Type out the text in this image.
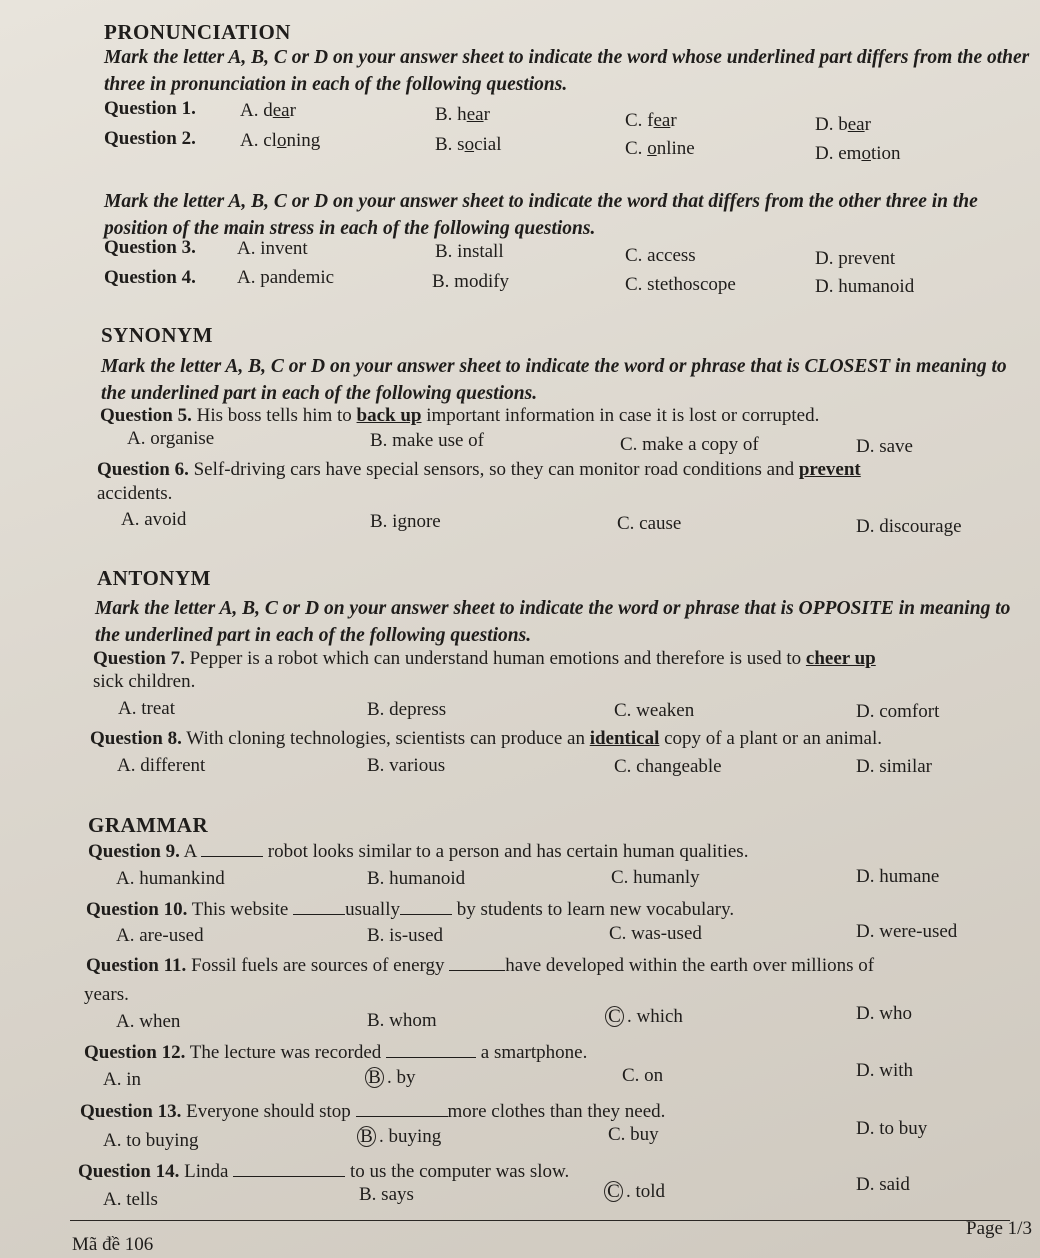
PRONUNCIATION
Mark the letter A, B, C or D on your answer sheet to indicate the word whose underlined part differs from the other three in pronunciation in each of the following questions.
Question 1. A. dear	B. hear	C. fear	D. bear
Question 2. A. cloning	B. social	C. online	D. emotion
Mark the letter A, B, C or D on your answer sheet to indicate the word that differs from the other three in the position of the main stress in each of the following questions.
Question 3. A. invent	B. install	C. access	D. prevent
Question 4. A. pandemic	B. modify	C. stethoscope	D. humanoid
SYNONYM
Mark the letter A, B, C or D on your answer sheet to indicate the word or phrase that is CLOSEST in meaning to the underlined part in each of the following questions.
Question 5. His boss tells him to back up important information in case it is lost or corrupted.
A. organise	B. make use of	C. make a copy of	D. save
Question 6. Self-driving cars have special sensors, so they can monitor road conditions and prevent
accidents.
A. avoid	B. ignore	C. cause	D. discourage
ANTONYM
Mark the letter A, B, C or D on your answer sheet to indicate the word or phrase that is OPPOSITE in meaning to the underlined part in each of the following questions.
Question 7. Pepper is a robot which can understand human emotions and therefore is used to cheer up
sick children.
A. treat	B. depress	C. weaken	D. comfort
Question 8. With cloning technologies, scientists can produce an identical copy of a plant or an animal.
A. different	B. various	C. changeable	D. similar
GRAMMAR
Question 9. A	robot looks similar to a person and has certain human qualities.
A. humankind	B. humanoid	C. humanly	D. humane
Question 10. This website	usually	by students to learn new vocabulary.
A. are-used	B. is-used	C. was-used	D. were-used
Question 11. Fossil fuels are sources of energy	have developed within the earth over millions of
years.
A. when	B. whom	C . which	D. who
Question 12. The lecture was recorded	a smartphone.
A. in	B . by	C. on	D. with
Question 13. Everyone should stop	more clothes than they need.
A. to buying	B . buying	C. buy	D. to buy
Question 14. Linda	to us the computer was slow.
A. tells	B. says	C . told	D. said
Mã đề 106
Page 1/3
